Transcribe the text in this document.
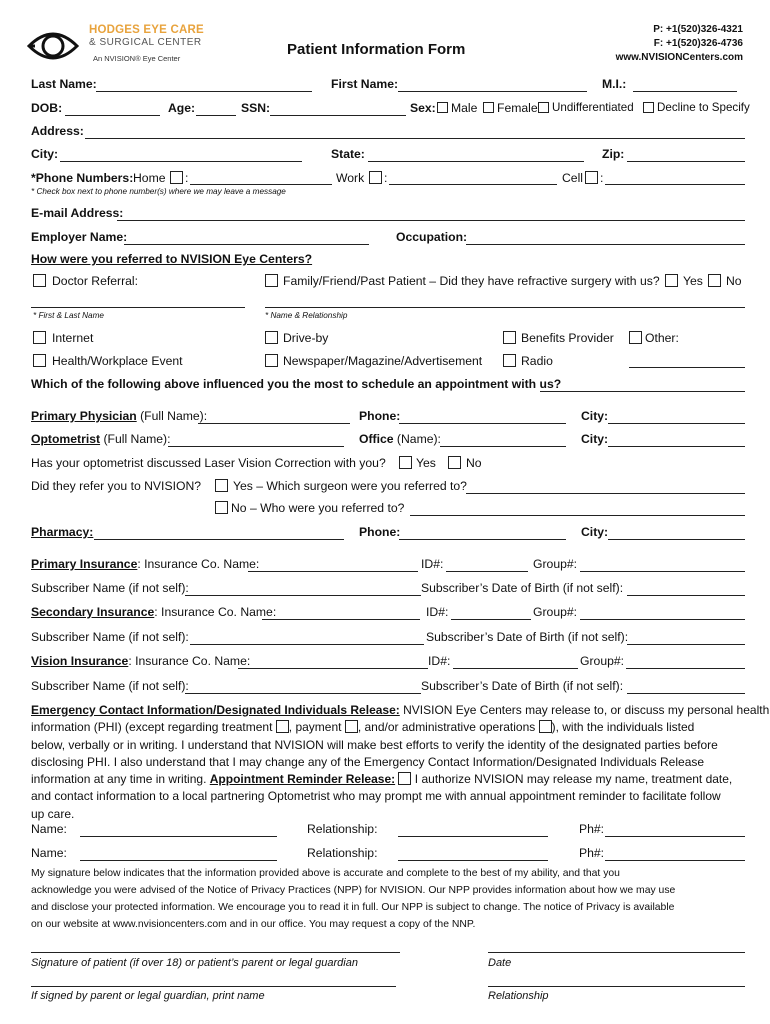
HODGES EYE CARE
& SURGICAL CENTER
An NVISION® Eye Center
Patient Information Form
P: +1(520)326-4321
F: +1(520)326-4736
www.NVISIONCenters.com
Last Name:	First Name:	M.I.:
DOB:	Age:	SSN:	Sex: Male Female Undifferentiated Decline to Specify
Address:
City:	State:	Zip:
*Phone Numbers: Home :	Work :	Cell :
* Check box next to phone number(s) where we may leave a message
E-mail Address:
Employer Name:	Occupation:
How were you referred to NVISION Eye Centers?
Doctor Referral:	Family/Friend/Past Patient – Did they have refractive surgery with us? Yes No
* First & Last Name	* Name & Relationship
Internet	Drive-by	Benefits Provider	Other:
Health/Workplace Event	Newspaper/Magazine/Advertisement	Radio
Which of the following above influenced you the most to schedule an appointment with us?
Primary Physician (Full Name):	Phone:	City:
Optometrist (Full Name):	Office (Name):	City:
Has your optometrist discussed Laser Vision Correction with you? Yes No
Did they refer you to NVISION?	Yes – Which surgeon were you referred to?
No – Who were you referred to?
Pharmacy:	Phone:	City:
Primary Insurance: Insurance Co. Name:	ID#:	Group#:
Subscriber Name (if not self):	Subscriber’s Date of Birth (if not self):
Secondary Insurance: Insurance Co. Name:	ID#:	Group#:
Subscriber Name (if not self):	Subscriber’s Date of Birth (if not self):
Vision Insurance: Insurance Co. Name:	ID#:	Group#:
Subscriber Name (if not self):	Subscriber’s Date of Birth (if not self):
Emergency Contact Information/Designated Individuals Release: NVISION Eye Centers may release to, or discuss my personal health
information (PHI) (except regarding treatment , payment , and/or administrative operations ), with the individuals listed
below, verbally or in writing. I understand that NVISION will make best efforts to verify the identity of the designated parties before
disclosing PHI. I also understand that I may change any of the Emergency Contact Information/Designated Individuals Release
information at any time in writing. Appointment Reminder Release:  I authorize NVISION may release my name, treatment date,
and contact information to a local partnering Optometrist who may prompt me with annual appointment reminder to facilitate follow
up care.
Name:	Relationship:	Ph#:
Name:	Relationship:	Ph#:
My signature below indicates that the information provided above is accurate and complete to the best of my ability, and that you
acknowledge you were advised of the Notice of Privacy Practices (NPP) for NVISION. Our NPP provides information about how we may use
and disclose your protected information. We encourage you to read it in full. Our NPP is subject to change. The notice of Privacy is available
on our website at www.nvisioncenters.com and in our office. You may request a copy of the NNP.
Signature of patient (if over 18) or patient’s parent or legal guardian	Date
If signed by parent or legal guardian, print name	Relationship
